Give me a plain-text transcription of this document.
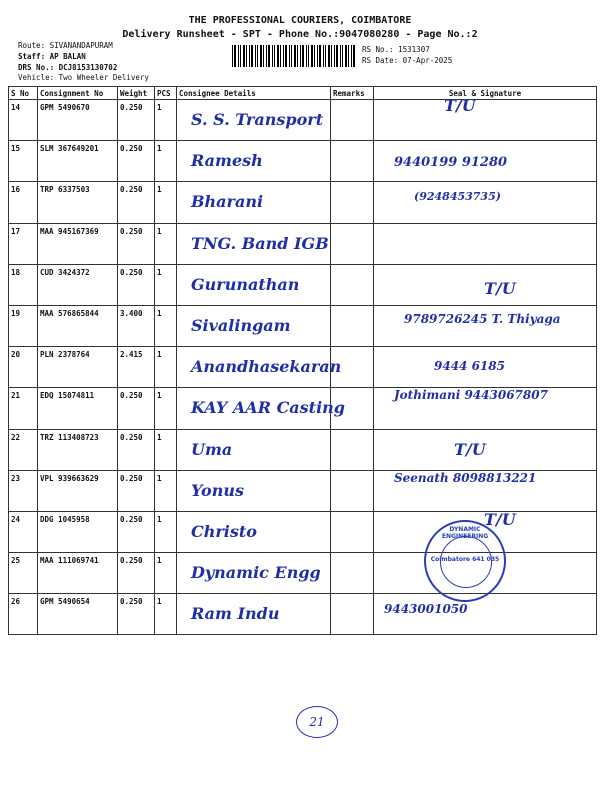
THE PROFESSIONAL COURIERS, COIMBATORE
Delivery Runsheet - SPT - Phone No.:9047080280 - Page No.:2
Route: SIVANANDAPURAM
Staff: AP BALAN
DRS No.: DCJ8153130702
Vehicle: Two Wheeler Delivery
RS No.: 1531307
RS Date: 07-Apr-2025
S No	Consignment No	Weight	PCS	Consignee Details	Remarks	Seal & Signature
14	GPM 5490670	0.250	1	S. S. Transport		T/U

15	SLM 367649201	0.250	1	Ramesh		9440199 91280

16	TRP 6337503	0.250	1	Bharani		(9248453735)

17	MAA 945167369	0.250	1	TNG. Band IGB		

18	CUD 3424372	0.250	1	Gurunathan		T/U

19	MAA 576865844	3.400	1	Sivalingam		9789726245 T. Thiyaga

20	PLN 2378764	2.415	1	Anandhasekaran		9444 6185

21	EDQ 15074811	0.250	1	KAY AAR Casting		Jothimani 9443067807

22	TRZ 113408723	0.250	1	Uma		T/U

23	VPL 939663629	0.250	1	Yonus		Seenath 8098813221

24	DDG 1045958	0.250	1	Christo		T/U

25	MAA 111069741	0.250	1	Dynamic Engg		

26	GPM 5490654	0.250	1	Ram Indu		9443001050
DYNAMIC ENGINEERING
Coimbatore 641 035
21
